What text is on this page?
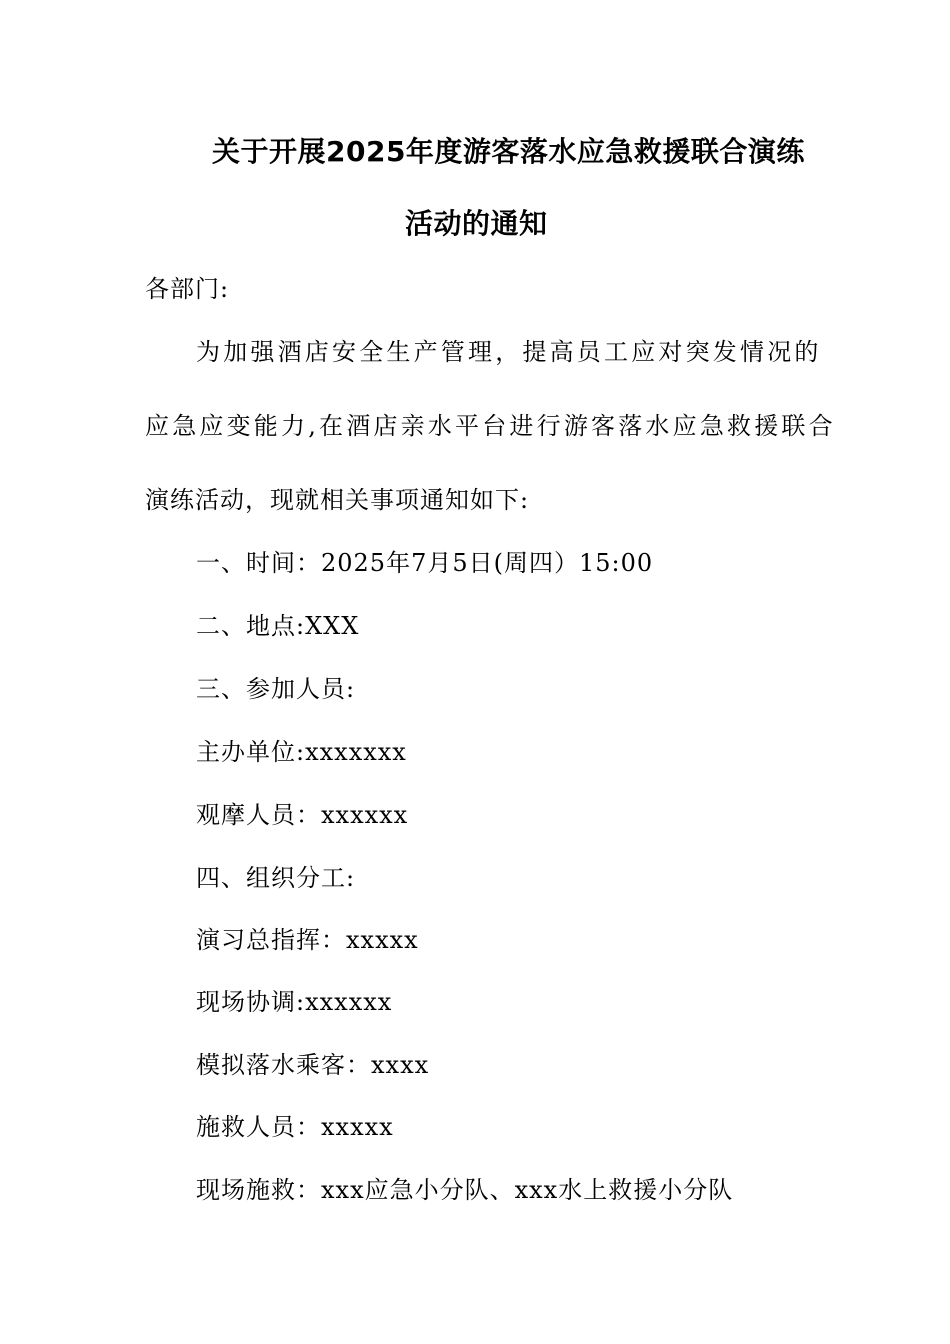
关于开展2025年度游客落水应急救援联合演练
活动的通知
各部门:
为加强酒店安全生产管理，提高员工应对突发情况的
应急应变能力,在酒店亲水平台进行游客落水应急救援联合
演练活动，现就相关事项通知如下:
一、时间：2025年7月5日(周四）15:00
二、地点:XXX
三、参加人员:
主办单位:xxxxxxx
观摩人员：xxxxxx
四、组织分工:
演习总指挥：xxxxx
现场协调:xxxxxx
模拟落水乘客：xxxx
施救人员：xxxxx
现场施救：xxx应急小分队、xxx水上救援小分队
